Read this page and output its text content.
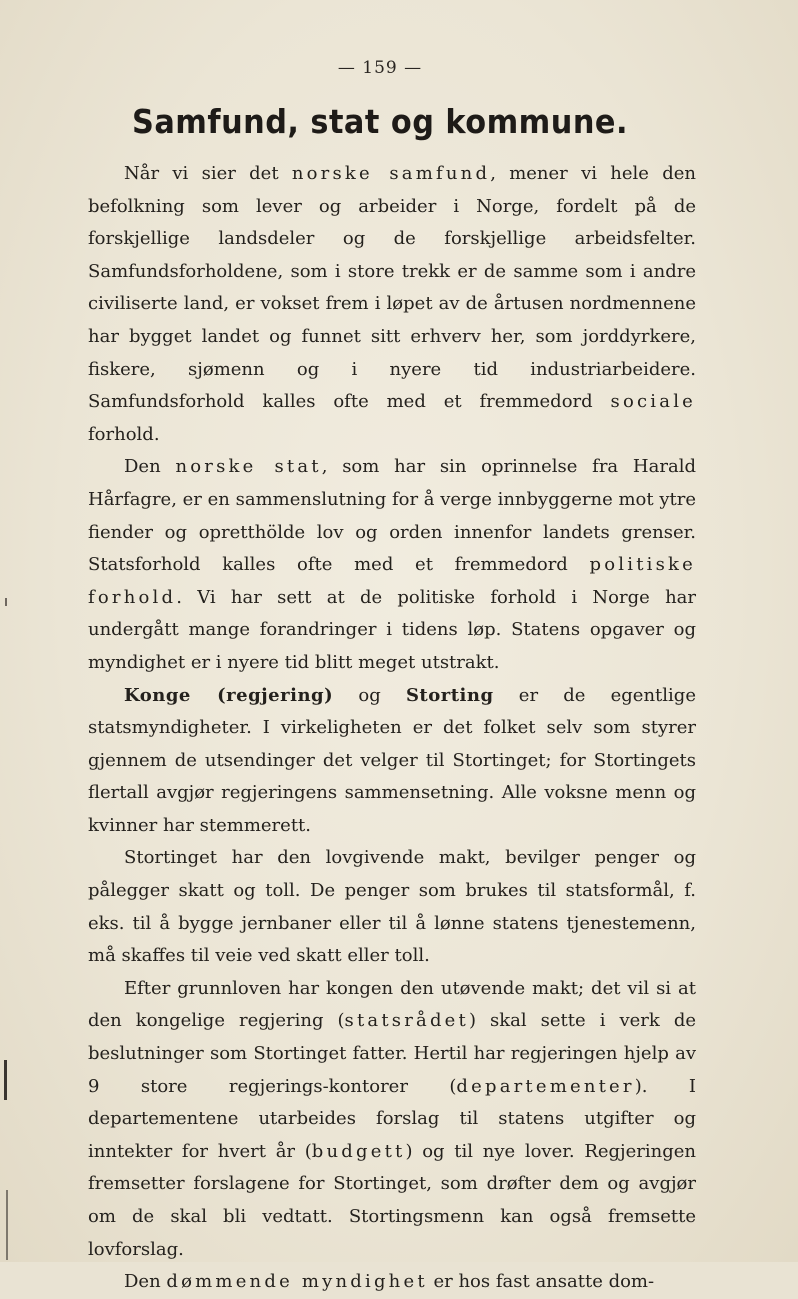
— 159 —
Samfund, stat og kommune.

Når vi sier det norske samfund, mener vi hele den befolkning som lever og arbeider i Norge, fordelt på de forskjellige landsdeler og de forskjellige arbeidsfelter. Samfundsforholdene, som i store trekk er de samme som i andre civiliserte land, er vokset frem i løpet av de årtusen nordmennene har bygget landet og funnet sitt erhverv her, som jorddyrkere, fiskere, sjømenn og i nyere tid industriarbeidere. Samfundsforhold kalles ofte med et fremmedord sociale forhold.

Den norske stat, som har sin oprinnelse fra Harald Hårfagre, er en sammenslutning for å verge innbyggerne mot ytre fiender og opretthölde lov og orden innenfor landets grenser. Statsforhold kalles ofte med et fremmedord politiske forhold. Vi har sett at de politiske forhold i Norge har undergått mange forandringer i tidens løp. Statens opgaver og myndighet er i nyere tid blitt meget utstrakt.

Konge (regjering) og Storting er de egentlige statsmyndigheter. I virkeligheten er det folket selv som styrer gjennem de utsendinger det velger til Stortinget; for Stortingets flertall avgjør regjeringens sammensetning. Alle voksne menn og kvinner har stemmerett.

Stortinget har den lovgivende makt, bevilger penger og pålegger skatt og toll. De penger som brukes til statsformål, f. eks. til å bygge jernbaner eller til å lønne statens tjenestemenn, må skaffes til veie ved skatt eller toll.

Efter grunnloven har kongen den utøvende makt; det vil si at den kongelige regjering (statsrådet) skal sette i verk de beslutninger som Stortinget fatter. Hertil har regjeringen hjelp av 9 store regjerings-kontorer (departementer). I departementene utarbeides forslag til statens utgifter og inntekter for hvert år (budgett) og til nye lover. Regjeringen fremsetter forslagene for Stortinget, som drøfter dem og avgjør om de skal bli vedtatt. Stortingsmenn kan også fremsette lovforslag.

Den dømmende myndighet er hos fast ansatte dom-
